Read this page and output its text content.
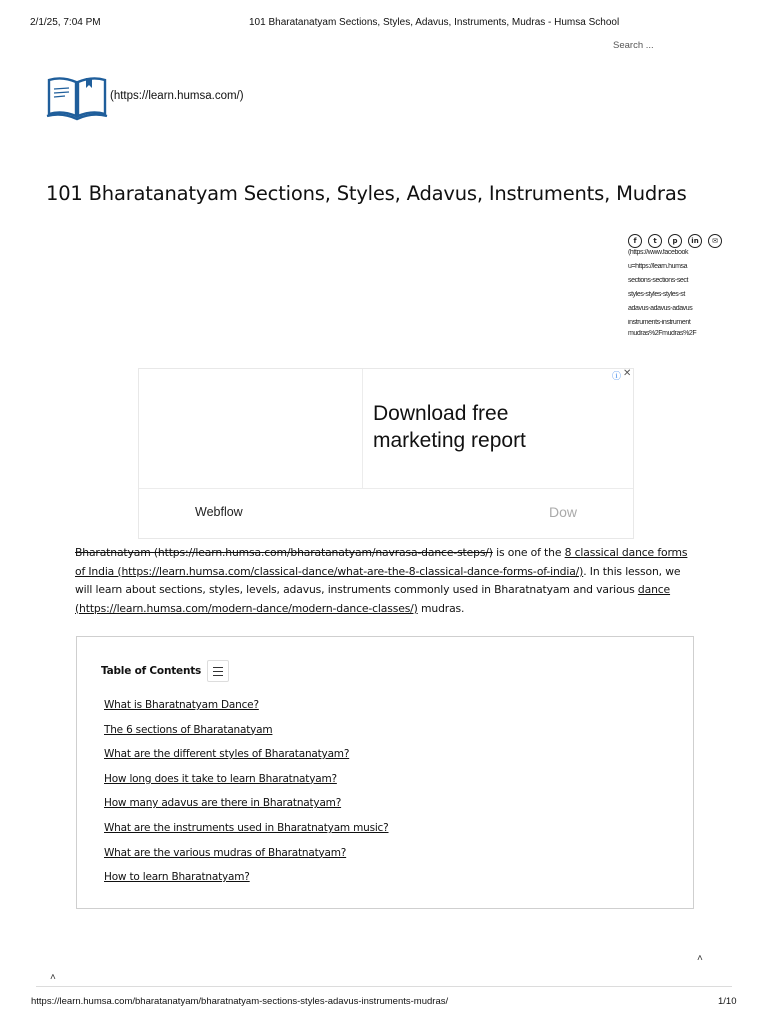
2/1/25, 7:04 PM	101 Bharatanatyam Sections, Styles, Adavus, Instruments, Mudras - Humsa School
Search ...
(https://learn.humsa.com/)
101 Bharatanatyam Sections, Styles, Adavus, Instruments, Mudras
f	t	p	in	✉
(https://www.facebook
u=https://learn.humsa
sections-sections-sect
styles-styles-styles-st
adavus-adavus-adavus
instruments-instrument
mudras%2Fmudras%2F
Download free marketing report
Webflow	Dow
ⓘ ✕
Bharatnatyam (https://learn.humsa.com/bharatanatyam/navrasa-dance-steps/) is one of the 8 classical dance forms of India (https://learn.humsa.com/classical-dance/what-are-the-8-classical-dance-forms-of-india/). In this lesson, we will learn about sections, styles, levels, adavus, instruments commonly used in Bharatnatyam and various dance (https://learn.humsa.com/modern-dance/modern-dance-classes/) mudras.
Table of Contents
What is Bharatnatyam Dance?
The 6 sections of Bharatanatyam
What are the different styles of Bharatanatyam?
How long does it take to learn Bharatnatyam?
How many adavus are there in Bharatnatyam?
What are the instruments used in Bharatnatyam music?
What are the various mudras of Bharatnatyam?
How to learn Bharatnatyam?
˄
˄
https://learn.humsa.com/bharatanatyam/bharatnatyam-sections-styles-adavus-instruments-mudras/	1/10
